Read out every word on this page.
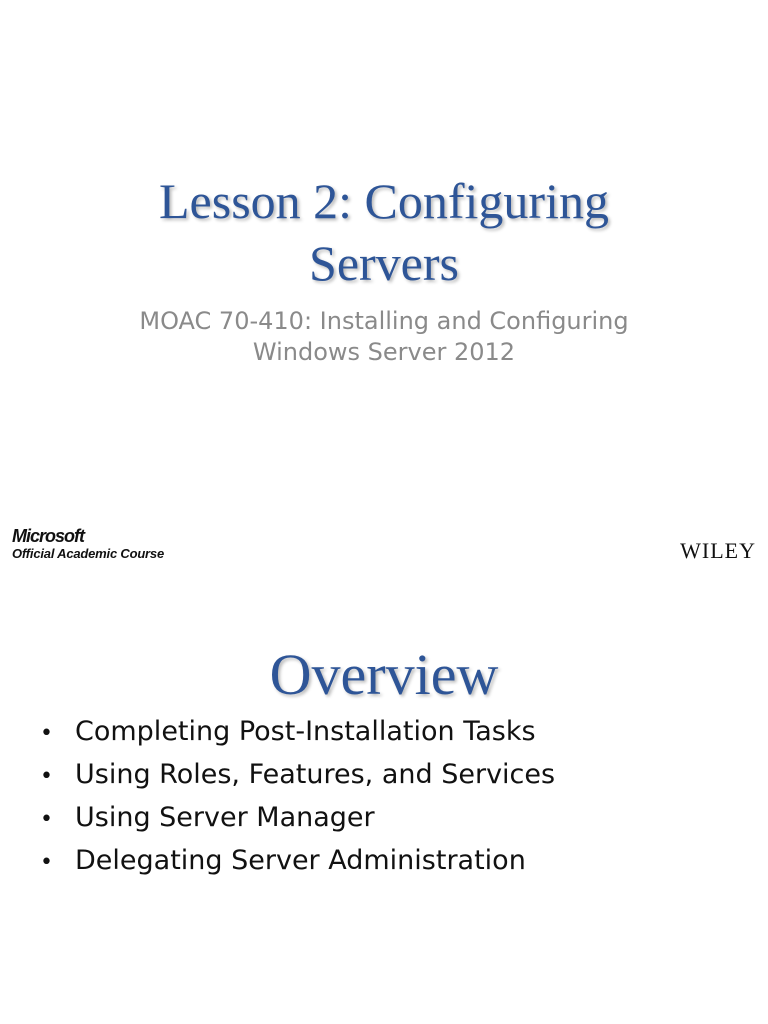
Lesson 2: Configuring
Servers
MOAC 70-410: Installing and Configuring
Windows Server 2012
Microsoft
Official Academic Course	WILEY
Overview
• Completing Post-Installation Tasks
• Using Roles, Features, and Services
• Using Server Manager
• Delegating Server Administration
